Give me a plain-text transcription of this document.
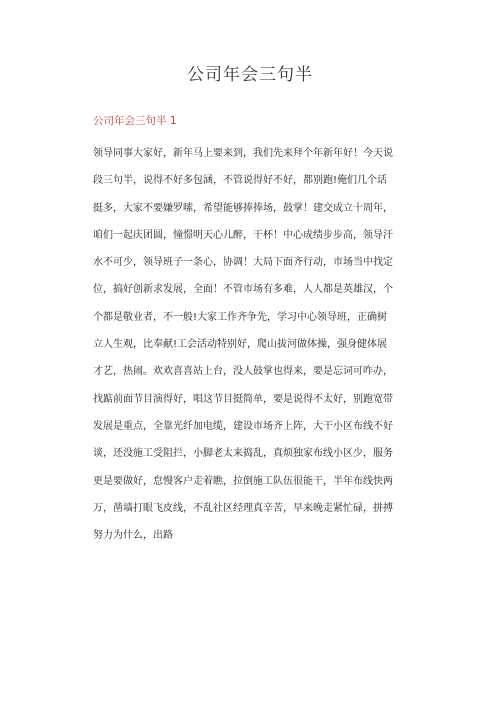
公司年会三句半
公司年会三句半 1
领导同事大家好，新年马上要来到，我们先来拜个年新年好！今天说
段三句半，说得不好多包涵，不管说得好不好，都别跑!俺们几个话
挺多，大家不要嫌罗嗦，希望能够捧捧场，鼓掌！建交成立十周年，
咱们一起庆团圆，憧憬明天心儿醉，干杯！中心成绩步步高，领导汗
水不可少，领导班子一条心，协调！大局下面齐行动，市场当中找定
位，搞好创新求发展，全面！不管市场有多难，人人都是英雄汉，个
个都是敬业者，不一般!大家工作齐争先，学习中心领导班，正确树
立人生观，比奉献!工会活动特别好，爬山拔河做体操，强身健体展
才艺，热闹。欢欢喜喜站上台，没人鼓掌也得来，要是忘词可咋办，
找踮前面节目演得好，唱这节目挺简单，要是说得不太好，别跑宽带
发展是重点，全靠光纤加电缆，建设市场齐上阵，大干小区布线不好
谈，还没施工受阻拦，小脚老太来捣乱，真烦独家布线小区少，服务
更是要做好，怠慢客户走着瞧，拉倒施工队伍很能干，半年布线快两
万，凿墙打眼飞皮线，不乱社区经理真辛苦，早来晚走紧忙碌，拼搏
努力为什么，出路
